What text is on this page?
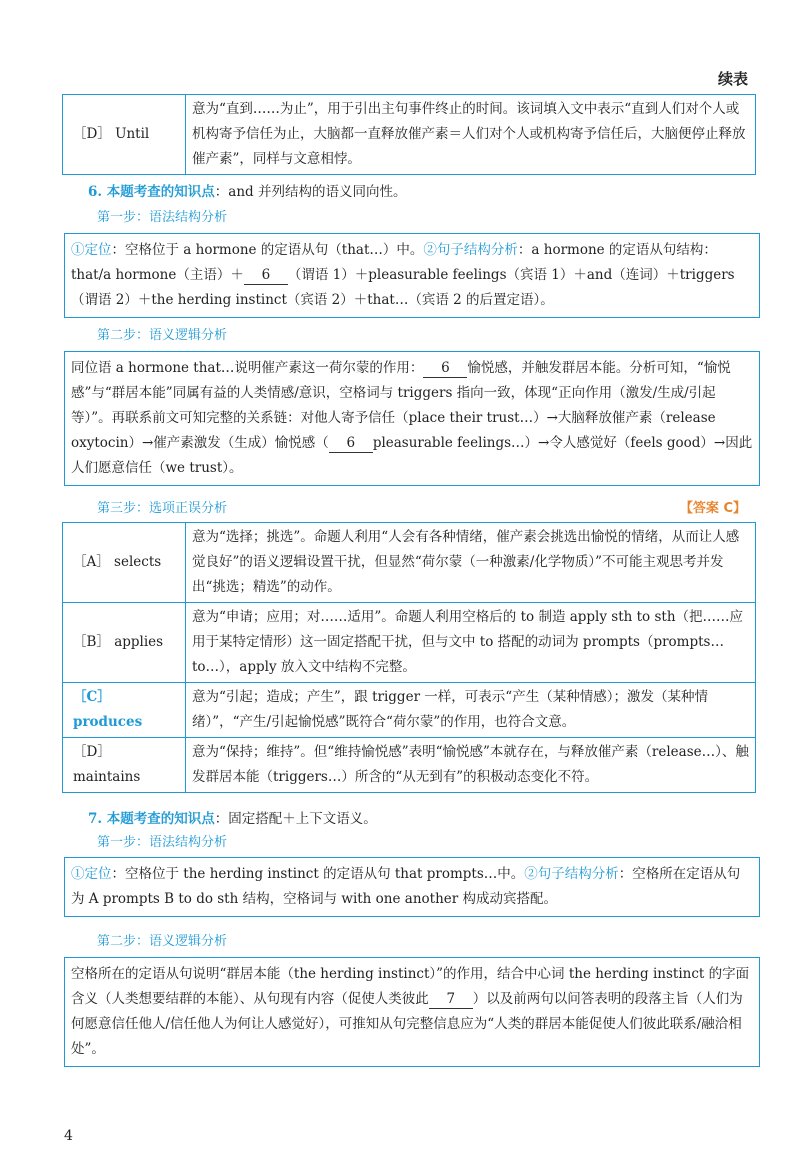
续表
［D］ Until	意为“直到……为止”，用于引出主句事件终止的时间。该词填入文中表示“直到人们对个人或机构寄予信任为止，大脑都一直释放催产素＝人们对个人或机构寄予信任后，大脑便停止释放催产素”，同样与文意相悖。
6. 本题考查的知识点：and 并列结构的语义同向性。
第一步：语法结构分析
①定位：空格位于 a hormone 的定语从句（that…）中。②句子结构分析：a hormone 的定语从句结构：that/a hormone（主语）＋ 6 （谓语 1）＋pleasurable feelings（宾语 1）＋and（连词）＋triggers（谓语 2）＋the herding instinct（宾语 2）＋that…（宾语 2 的后置定语）。
第二步：语义逻辑分析
同位语 a hormone that…说明催产素这一荷尔蒙的作用： 6 愉悦感，并触发群居本能。分析可知，“愉悦感”与“群居本能”同属有益的人类情感/意识，空格词与 triggers 指向一致，体现“正向作用（激发/生成/引起等）”。再联系前文可知完整的关系链：对他人寄予信任（place their trust…）→大脑释放催产素（release oxytocin）→催产素激发（生成）愉悦感（ 6 pleasurable feelings…）→令人感觉好（feels good）→因此人们愿意信任（we trust）。
第三步：选项正误分析	【答案 C】
［A］ selects	意为“选择；挑选”。命题人利用“人会有各种情绪，催产素会挑选出愉悦的情绪，从而让人感觉良好”的语义逻辑设置干扰，但显然“荷尔蒙（一种激素/化学物质）”不可能主观思考并发出“挑选；精选”的动作。
［B］ applies	意为“申请；应用；对……适用”。命题人利用空格后的 to 制造 apply sth to sth（把……应用于某特定情形）这一固定搭配干扰，但与文中 to 搭配的动词为 prompts（prompts…to…），apply 放入文中结构不完整。
［C］ produces	意为“引起；造成；产生”，跟 trigger 一样，可表示“产生（某种情感）；激发（某种情绪）”，“产生/引起愉悦感”既符合“荷尔蒙”的作用，也符合文意。
［D］ maintains	意为“保持；维持”。但“维持愉悦感”表明“愉悦感”本就存在，与释放催产素（release…）、触发群居本能（triggers…）所含的“从无到有”的积极动态变化不符。
7. 本题考查的知识点：固定搭配＋上下文语义。
第一步：语法结构分析
①定位：空格位于 the herding instinct 的定语从句 that prompts…中。②句子结构分析：空格所在定语从句为 A prompts B to do sth 结构，空格词与 with one another 构成动宾搭配。
第二步：语义逻辑分析
空格所在的定语从句说明“群居本能（the herding instinct）”的作用，结合中心词 the herding instinct 的字面含义（人类想要结群的本能）、从句现有内容（促使人类彼此 7 ）以及前两句以问答表明的段落主旨（人们为何愿意信任他人/信任他人为何让人感觉好），可推知从句完整信息应为“人类的群居本能促使人们彼此联系/融洽相处”。
4
